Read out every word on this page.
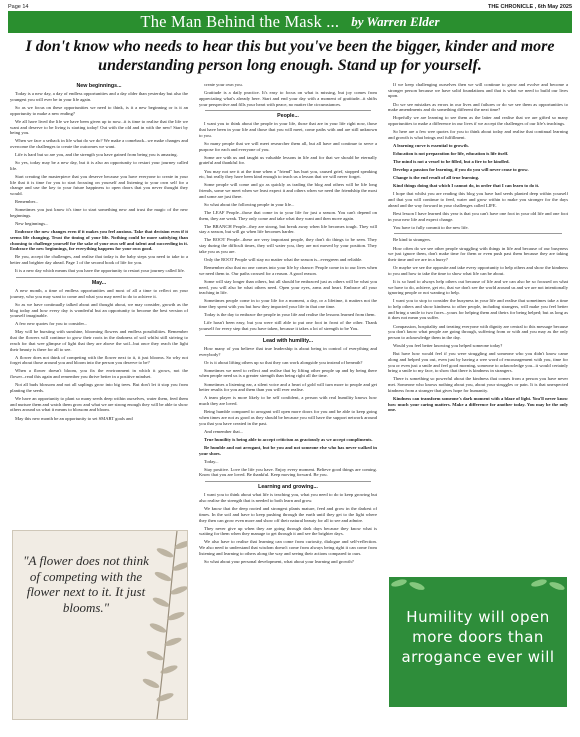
Page 14	THE CHRONICLE , 6th May 2025
The Man Behind the Mask ... by Warren Elder
I don't know who needs to hear this but you've been the bigger, kinder and more understanding person long enough. Stand up for yourself.
New beginnings...

Today is a new day, a day of endless opportunities and a day older than yesterday but also the youngest you will ever be in your life again.

So as we focus on these opportunities we need to think, is it a new beginning or is it an opportunity to make a new ending?

We all have lived the life we have been given up to now...it is time to realise that the life we want and deserve to be living is starting today! Out with the old and in with the new! Start by being you.

When we face a setback in life what do we do? We make a comeback...we make changes and overcome the challenges to create the outcomes we want.

Life is hard but so are you, and the strength you have gained from being you is amazing.

So yes, today may be a new day, but it is also an opportunity to restart your journey called life.

Start creating the masterpiece that you deserve because you have everyone to create in your life that it is time for you to start focusing on yourself and listening to your own self for a change and use the key to your future happiness to open doors that you never thought they would.

Remember...

Sometimes you just know it's time to start something new and trust the magic of the new beginnings.

New beginnings...

Embrace the new changes even if it makes you feel anxious. Take that decision even if it seems life changing. Trust the timing of your life. Nothing could be more satisfying than choosing to challenge yourself for the sake of your own self and talent and succeeding in it. Embrace the new beginnings, for everything happens for your own good.

Be you, accept the challenges, and realise that today is the baby steps you need to take to a better and brighter day ahead. Page 1 of the second book of life for you.

It is a new day which means that you have the opportunity to restart your journey called life.

May...

A new month, a time of endless opportunities and most of all a time to reflect on your journey, who you may want to come and what you may need to do to achieve it.

So as we have continually talked about and thought about, we may consider, growth as the blog today and how every day is wonderful but an opportunity to become the best version of yourself imaginable.

A few new quotes for you to consider...

May will be bursting with sunshine, blooming flowers and endless possibilities. Remember that the flowers will continue to grow their roots in the darkness of soil whilst still striving to reach for that wee glimpse of light that they are above the soil...but once they reach the light their beauty is there for all to see.

A flower does not think of competing with the flower next to it, it just blooms. So why not forget about those around you and bloom into the person you deserve to be?

When a flower doesn't bloom, you fix the environment in which it grows, not the flower...read this again and remember you thrive better in a positive mindset.

Not all buds blossom and not all saplings grow into big trees. But don't let it stop you from planting the seeds.

We have an opportunity to plant so many seeds deep within ourselves, water them, feed them and nurture them and watch them grow and what we are strong enough they will be able to show others around us what it means to blossom and bloom.

May this new month be an opportunity to set SMART goals and

"A flower does not think of competing with the flower next to it. It just blooms."

create your own you.

Gratitude is a daily practice. It's easy to focus on what is missing, but joy comes from appreciating what's already here. Start and end your day with a moment of gratitude...it shifts your perspective and fills your heart with peace, no matter the circumstances.

People...

I want you to think about the people in your life, those that are in your life right now, those that have been in your life and those that you will meet, come paths with and are still unknown to you.

So many people that we will meet researcher them all, but all have and continue to serve a purpose for each and everyone of you.

Some are with us and taught us valuable lessons in life and for that we should be eternally grateful and thankful for.

You may not see it at the time when a "friend" has hurt you, caused grief, stopped speaking etc, but really they have been kind enough to teach us a lesson that we will never forget.

Some people will come and go as quickly as trading the blog and others will be life long friends, some we meet when we least expect it and others when we need the friendship the most and some are just there.

So what about the following people in your life...

The LEAF People...those that come in to your life for just a season. You can't depend on them, they are weak. They only come and take what they want and then move again.

The BRANCH People...they are strong, but break away when life becomes tough. They will stay a season, but will go when life becomes harder.

The ROOT People...these are very important people, they don't do things to be seen. They stay during the difficult times, they will water you, they are not moved by your position. They take you as you are.

Only the ROOT People will stay no matter what the season is...evergreen and reliable.

Remember also that no one comes into your life by chance: People come in to our lives when we need them to. Our paths crossed for a reason. A good reason.

Some will stay longer than others, but all should be embraced just as others will be what you need, you will also be what others need. Open your eyes, arms and heart. Embrace all your teaching in life.

Sometimes people come in to your life for a moment, a day, or a lifetime, it matters not the time they spent with you but how they impacted your life in that one time.

Today is the day to embrace the people in your life and realise the lessons learned from them.

Life hasn't been easy, but you were still able to put one foot in front of the other. Thank yourself for every step that you have taken, because it takes a lot of strength to be You.

Lead with humility...

How many of you believe that true leadership is about being in control of everything and everybody?

Or is it about lifting others up so that they can work alongside you instead of beneath?

Sometimes we need to reflect and realise that by lifting other people up and by being there when people need us is a greater strength than being right all the time.

Sometimes a listening ear, a silent voice and a heart of gold will turn more to people and get better results for you and them than you will ever realise.

A team player is more likely to be self confident, a person with real humility knows how much they are loved.

Being humble compared to arrogant will open more doors for you and be able to keep going when times are not as good as they should be because you will have the support network around you that you have created in the past.

And remember that...

True humility is being able to accept criticism as graciously as we accept compliments.

Be humble and not arrogant, but be you and not someone else who has never walked in your shoes.

Today...

Stay positive. Love the life you have. Enjoy every moment. Believe good things are coming. Know that you are loved. Be thankful. Keep moving forward. Be you.

Learning and growing...

I want you to think about what life is teaching you, what you need to do to keep growing but also realise the strength that is needed to both learn and grow.

We know that the deep rooted and strongest plants mature, feed and grow in the darkest of times. In the soil and have to keep pushing through the earth until they get to the light where they then can grow even more and show off their natural beauty for all to see and admire.

They never give up when they are going through dark days because they know what is waiting for them when they manage to get through it and see the brighter days.

We also have to realise that learning can come from curiosity, dialogue and self-reflection. We also need to understand that wisdom doesn't come from always being right it can come from listening and learning to others along the way and seeing their actions compared to ours.

So what about your personal development, what about your learning and growth?

If we keep challenging ourselves then we will continue to grow and evolve and become a stronger person because we have solid foundations and that is what we need to build our lives upon.

Do we see mistakes as errors in our lives and failures or do we see them as opportunities to make amendments and do something different the next time?

Hopefully we are learning to see them as the latter and realise that we are gifted so many opportunities to make a difference in our lives if we accept the challenges of our life's teachings.

So here are a few wee quotes for you to think about today and realise that continual learning and growth is what brings real fulfillment.

A learning curve is essential to growth.

Education is not preparation for life, education is life itself.

The mind is not a vessel to be filled, but a fire to be kindled.

Develop a passion for learning, if you do you will never cease to grow.

Change is the end result of all true learning.

Kind things doing that which I cannot do, in order that I can learn to do it.

I hope that whilst you are reading this blog you have had seeds planted deep within yourself and that you will continue to feed, water and grow within to make you stronger for the days ahead and the way forward in your challenges called LIFE.

Best lesson I have learned this year is that you can't have one foot in your old life and one foot in your new life and expect change.

You have to fully commit to the new life.

Be kind to strangers.

How often do we see other people struggling with things in life and because of our busyness we just ignore them, don't make time for them or even push past them because they are taking their time and we are in a hurry?

Or maybe we see the opposite and take every opportunity to help others and show the kindness to you and how to take the time to show what life can be about.

It is so hard to always help others out because of life and we can also be so focused on what we have to do, achieve, get etc, that we don't see the world around us and we are not intentionally ignoring people or not wanting to help.

I want you to stop to consider the busyness in your life and realise that sometimes take a time to help others and show kindness to other people, including strangers, will make you feel better and bring a smile to two faces...yours for helping them and theirs for being helped; but as long as it does not mean you suffer.

Compassion, hospitality and treating everyone with dignity are central to this message because you don't know what people are going through, suffering from or with and you may as the only person to acknowledge them in the day.

Would you feel better knowing you helped someone today?

But have how would feel if you were struggling and someone who you didn't know came along and helped you out, even just by having a wee word of encouragement with you, time for you or even just a smile and feel good morning, someone to acknowledge you...it would certainly bring a smile to my face, to show that there is kindness in strangers.

There is something so powerful about the kindness that comes from a person you have never met. Someone who knows nothing about you, about your struggles or pain. It is that unexpected kindness from a stranger that gives hope for humanity.

Kindness can transform someone's dark moment with a blaze of light. You'll never know how much your caring matters. Make a difference for another today. You may be the only one.

Humility will open more doors than arrogance ever will
